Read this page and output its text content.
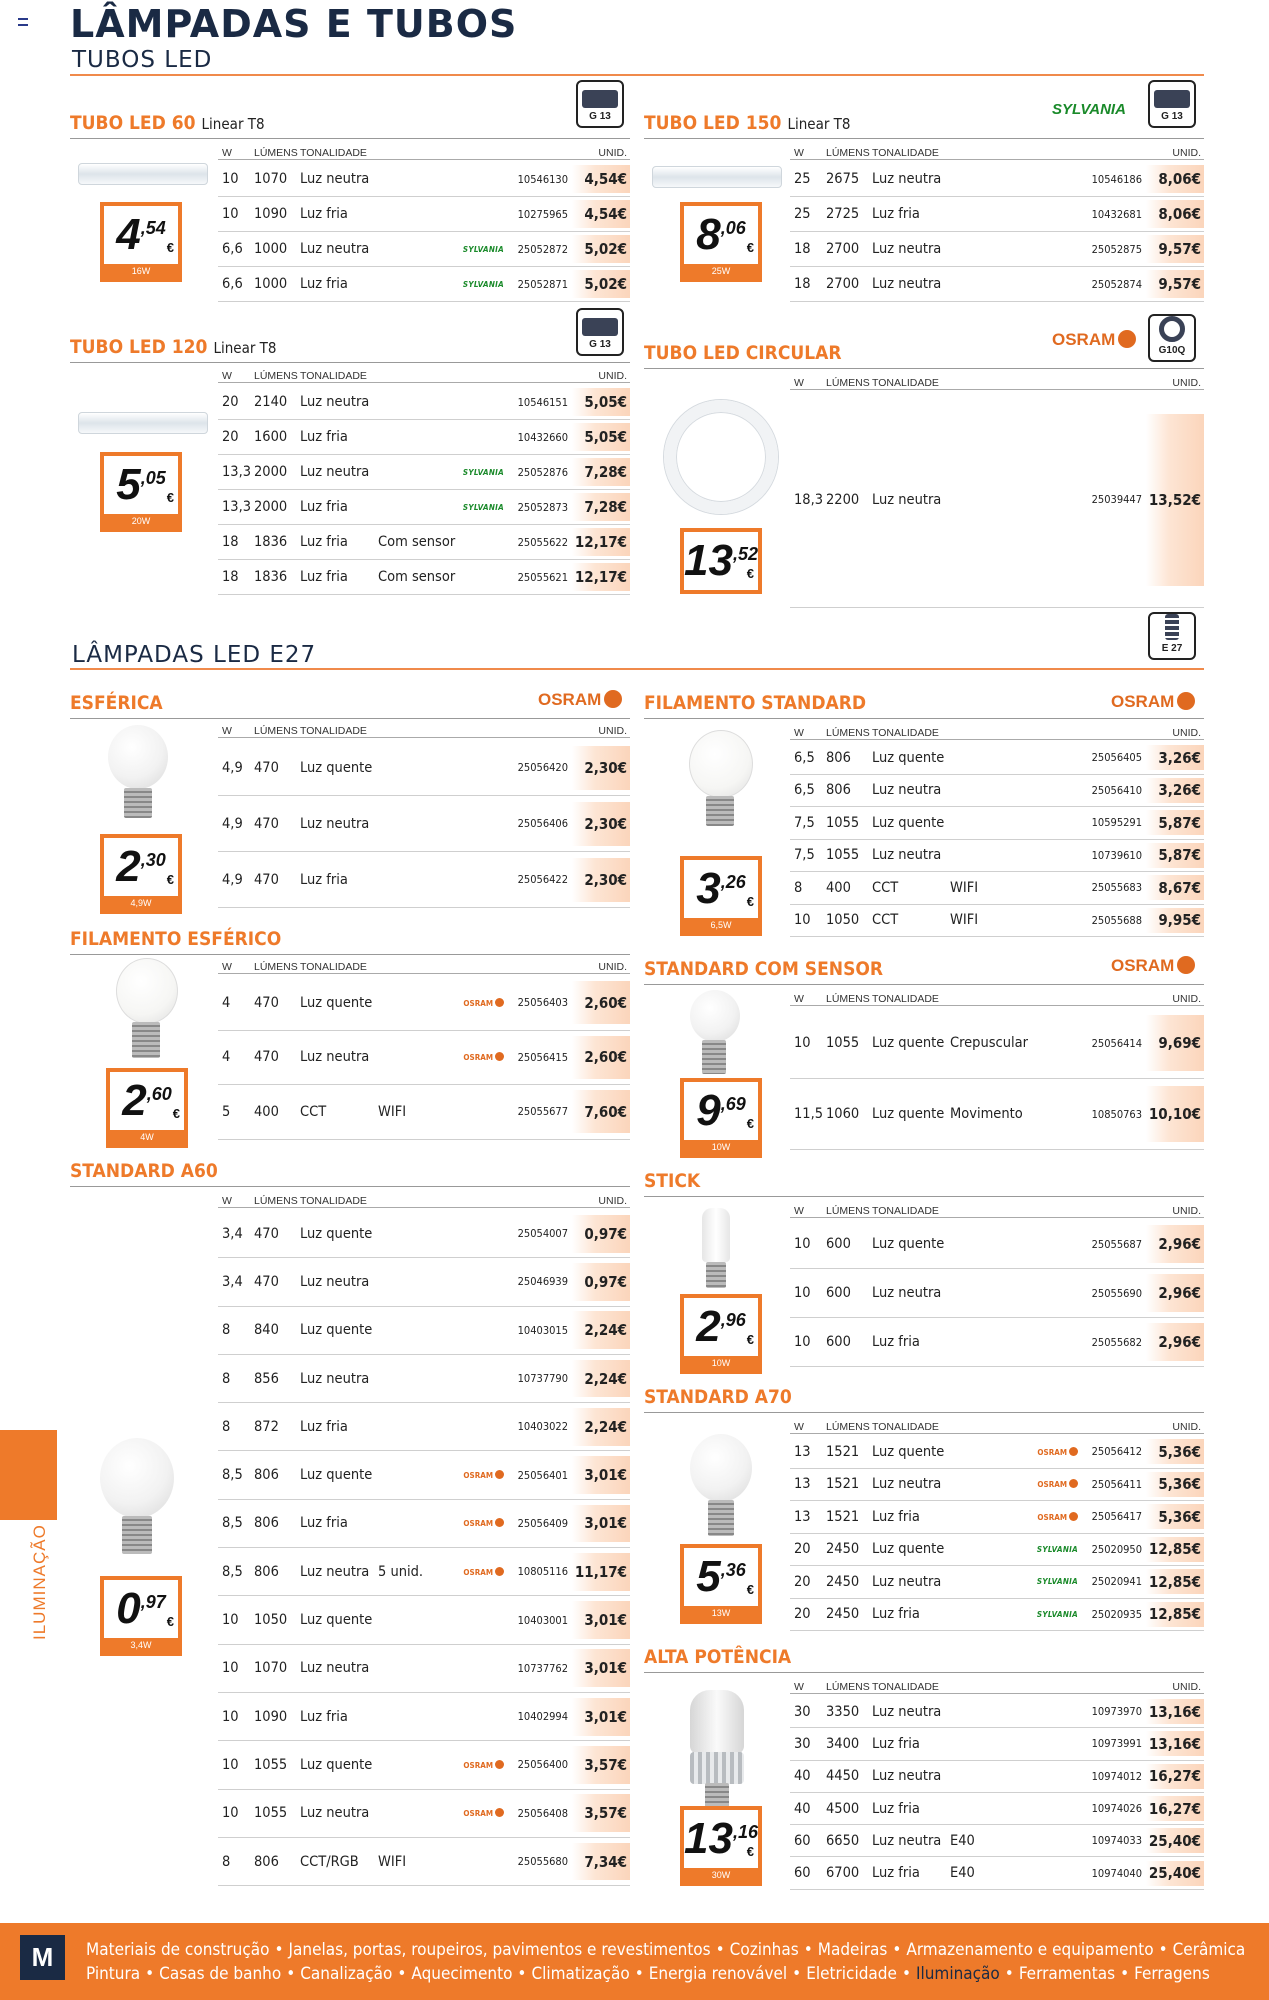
LÂMPADAS E TUBOS
TUBOS LED
G 13	G 13
G 13
G10Q
E 27
SYLVANIA
OSRAM
OSRAM	OSRAM
OSRAM
LÂMPADAS LED E27
4 ,54
€
16W
8 ,06
€
25W
5 ,05
€
20W
13 ,52
€
2 ,30
€
4,9W	3 ,26
€
6,5W
2 ,60
€
4W
9 ,69
€
10W
0 ,97
€
3,4W
2 ,96
€
10W
5 ,36
€
13W
13 ,16
€
30W
TUBO LED 60 Linear T8
W	LÚMENS TONALIDADE	UNID.
10	1070 Luz neutra	10546130	4,54€
10	1090 Luz fria	10275965	4,54€
6,6 1000 Luz neutra	SYLVANIA	25052872	5,02€
6,6 1000 Luz fria	SYLVANIA	25052871	5,02€
TUBO LED 150 Linear T8
W	LÚMENS TONALIDADE	UNID.
25	2675 Luz neutra	10546186	8,06€
25	2725 Luz fria	10432681	8,06€
18	2700 Luz neutra	25052875	9,57€
18	2700 Luz neutra	25052874	9,57€
TUBO LED 120 Linear T8
W	LÚMENS TONALIDADE	UNID.
20	2140 Luz neutra	10546151	5,05€
20	1600 Luz fria	10432660	5,05€
13,3 2000 Luz neutra	SYLVANIA	25052876	7,28€
13,3 2000 Luz fria	SYLVANIA	25052873	7,28€
18	1836 Luz fria	Com sensor	25055622 12,17€
18	1836 Luz fria	Com sensor	25055621 12,17€
TUBO LED CIRCULAR
W	LÚMENS TONALIDADE	UNID.
18,3 2200 Luz neutra	25039447 13,52€
ESFÉRICA
W	LÚMENS TONALIDADE	UNID.
4,9 470	Luz quente	25056420	2,30€
4,9 470	Luz neutra	25056406	2,30€
4,9 470	Luz fria	25056422	2,30€
FILAMENTO STANDARD
W	LÚMENS TONALIDADE	UNID.
6,5 806	Luz quente	25056405	3,26€
6,5 806	Luz neutra	25056410	3,26€
7,5 1055 Luz quente	10595291	5,87€
7,5 1055 Luz neutra	10739610	5,87€
8	400	CCT	WIFI	25055683	8,67€
10	1050 CCT	WIFI	25055688	9,95€
FILAMENTO ESFÉRICO
W	LÚMENS TONALIDADE	UNID.
4	470	Luz quente	OSRAM	25056403	2,60€
4	470	Luz neutra	OSRAM	25056415	2,60€
5	400	CCT	WIFI	25055677	7,60€
STANDARD COM SENSOR
W	LÚMENS TONALIDADE	UNID.
10	1055 Luz quente Crepuscular	25056414	9,69€
11,5 1060 Luz quente Movimento	10850763 10,10€
STANDARD A60
W	LÚMENS TONALIDADE	UNID.
3,4 470	Luz quente	25054007	0,97€
3,4 470	Luz neutra	25046939	0,97€
8	840	Luz quente	10403015	2,24€
8	856	Luz neutra	10737790	2,24€
8	872	Luz fria	10403022	2,24€
8,5 806	Luz quente	OSRAM	25056401	3,01€
8,5 806	Luz fria	OSRAM	25056409	3,01€
8,5 806	Luz neutra 5 unid.	OSRAM	10805116 11,17€
10	1050 Luz quente	10403001	3,01€
10	1070 Luz neutra	10737762	3,01€
10	1090 Luz fria	10402994	3,01€
10	1055 Luz quente	OSRAM	25056400	3,57€
10	1055 Luz neutra	OSRAM	25056408	3,57€
8	806	CCT/RGB	WIFI	25055680	7,34€
STICK
W	LÚMENS TONALIDADE	UNID.
10	600	Luz quente	25055687	2,96€
10	600	Luz neutra	25055690	2,96€
10	600	Luz fria	25055682	2,96€
STANDARD A70
W	LÚMENS TONALIDADE	UNID.
13	1521 Luz quente	OSRAM	25056412	5,36€
13	1521 Luz neutra	OSRAM	25056411	5,36€
13	1521 Luz fria	OSRAM	25056417	5,36€
20	2450 Luz quente	SYLVANIA	25020950 12,85€
20	2450 Luz neutra	SYLVANIA	25020941 12,85€
20	2450 Luz fria	SYLVANIA	25020935 12,85€
ALTA POTÊNCIA
W	LÚMENS TONALIDADE	UNID.
30	3350 Luz neutra	10973970 13,16€
30	3400 Luz fria	10973991 13,16€
40	4450 Luz neutra	10974012 16,27€
40	4500 Luz fria	10974026 16,27€
60	6650 Luz neutra E40	10974033 25,40€
60	6700 Luz fria	E40	10974040 25,40€
ILUMINAÇÃO
M	Materiais de construção • Janelas, portas, roupeiros, pavimentos e revestimentos • Cozinhas • Madeiras • Armazenamento e equipamento • Cerâmica
Pintura • Casas de banho • Canalização • Aquecimento • Climatização • Energia renovável • Eletricidade • Iluminação • Ferramentas • Ferragens
